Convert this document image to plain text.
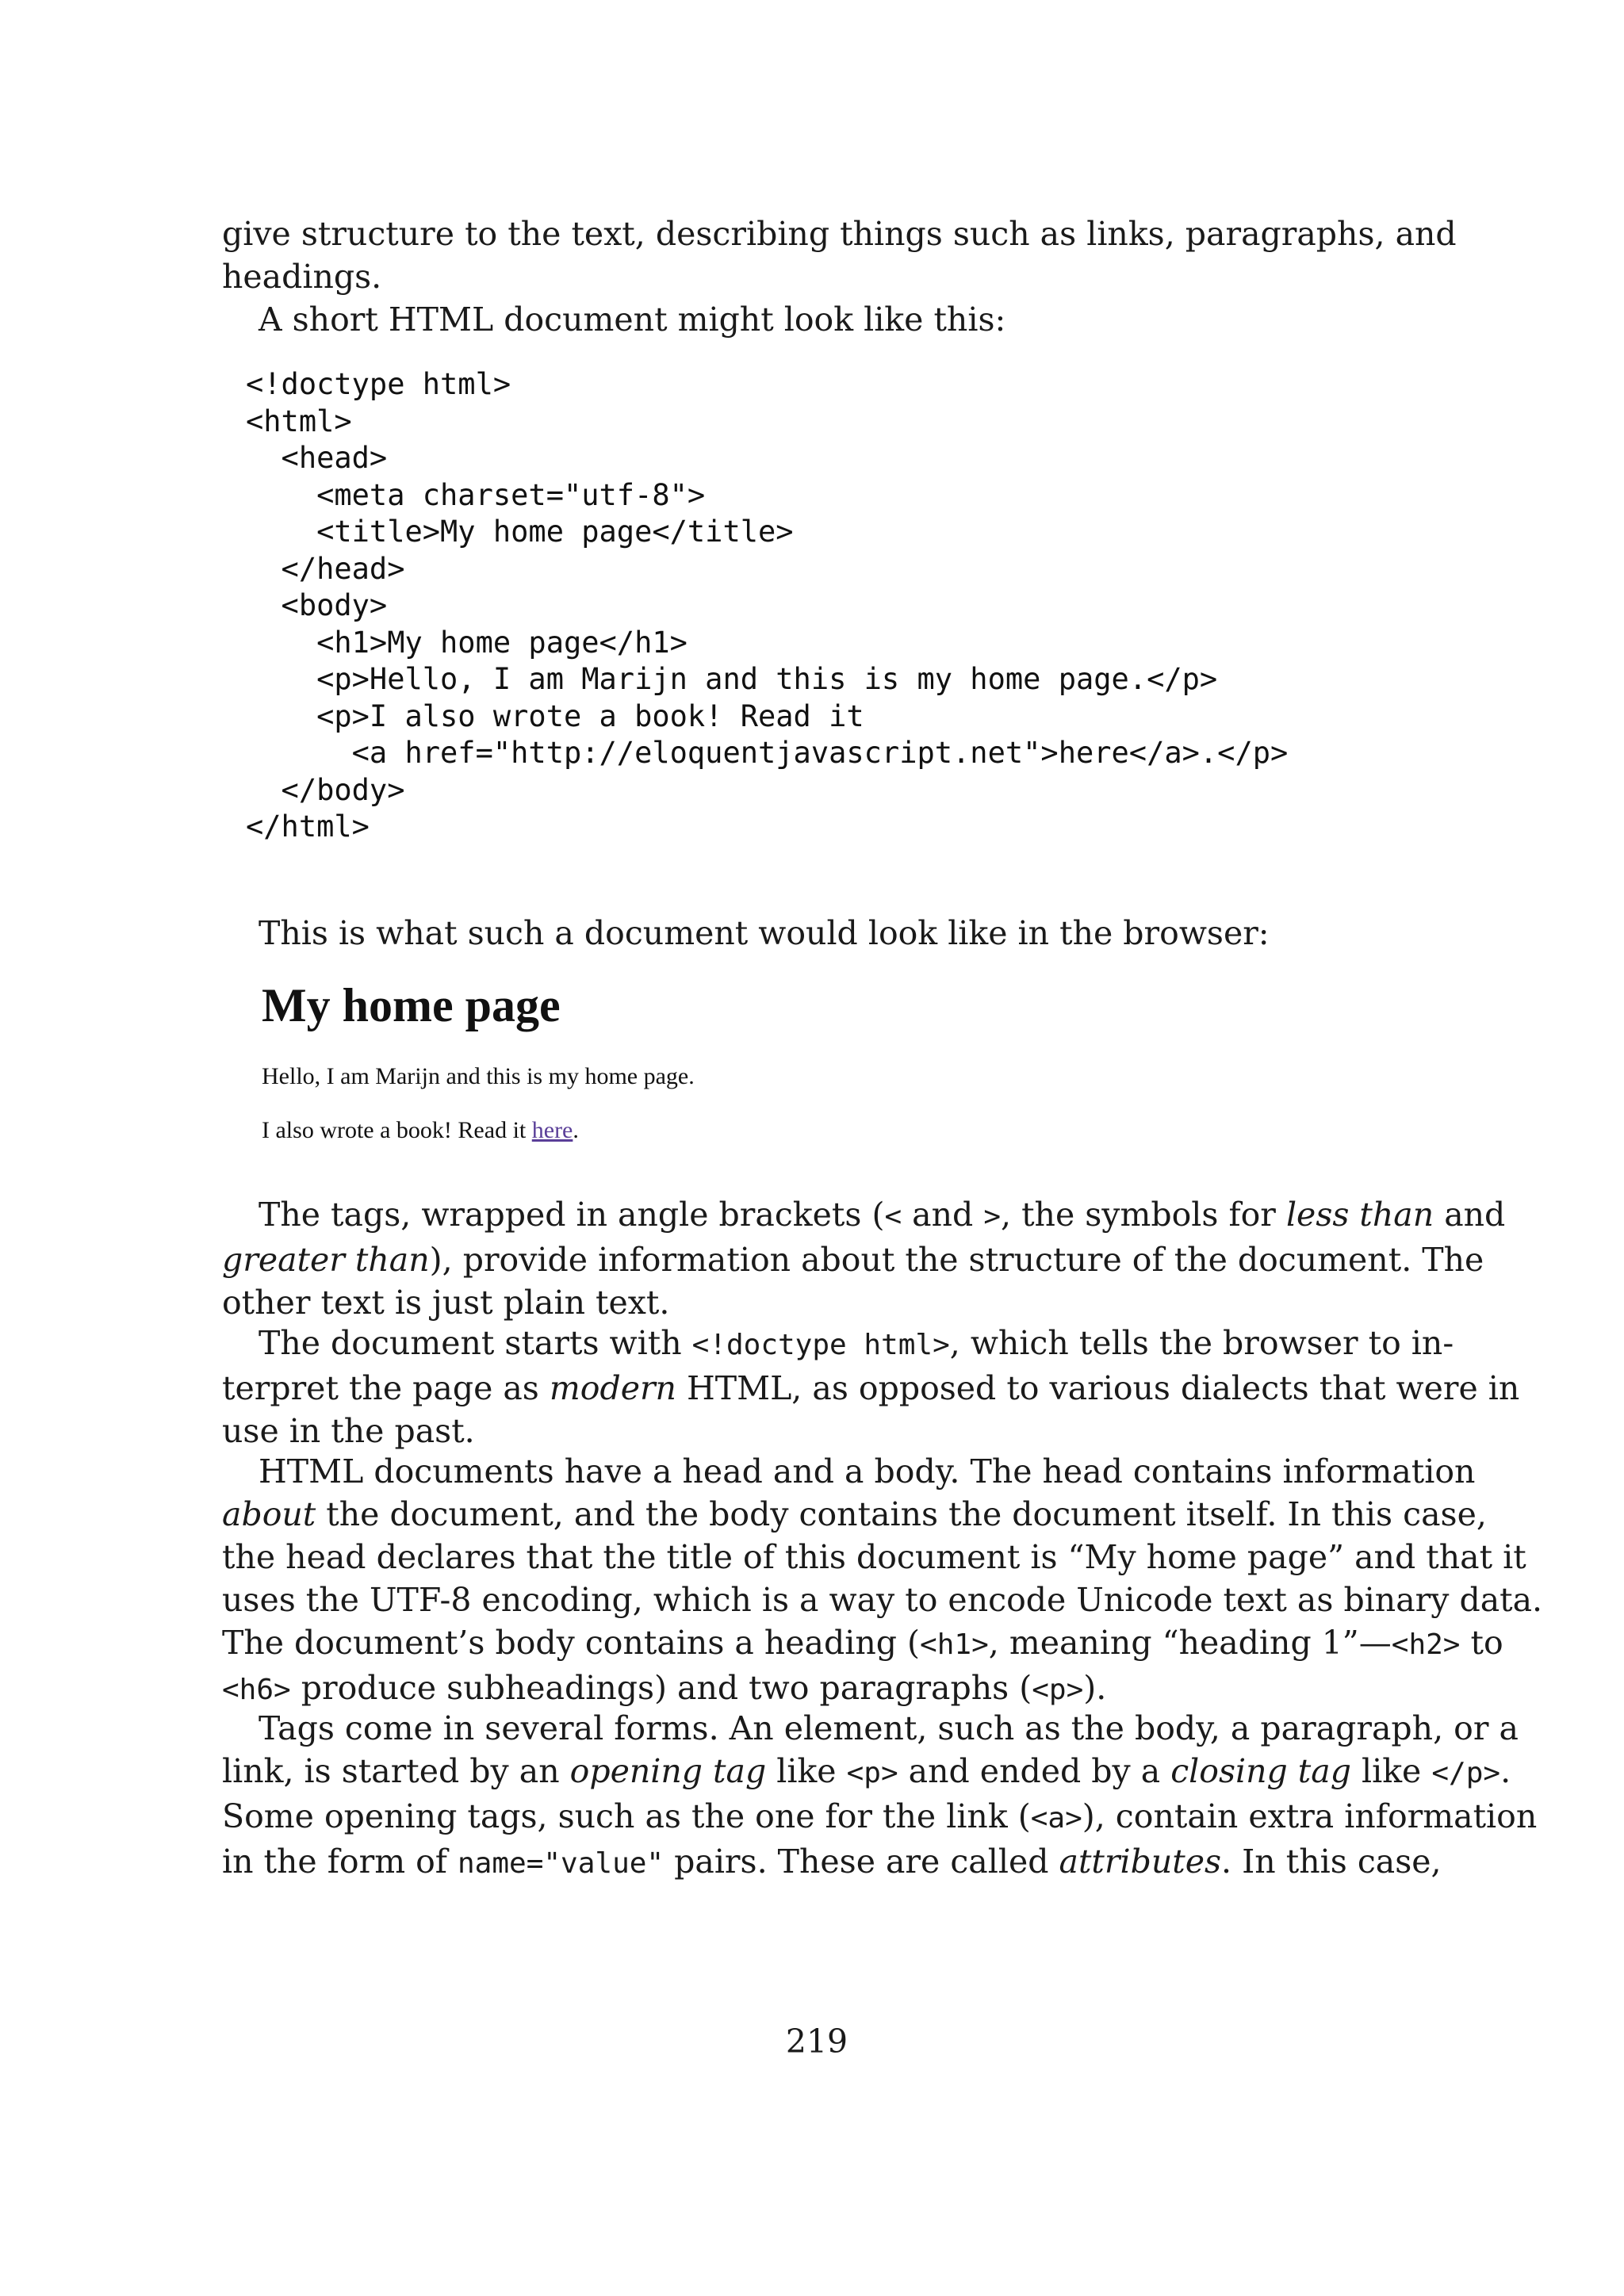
give structure to the text, describing things such as links, paragraphs, and
headings.
A short HTML document might look like this:
<!doctype html>
<html>
<head>
<meta charset="utf-8">
<title>My home page</title>
</head>
<body>
<h1>My home page</h1>
<p>Hello, I am Marijn and this is my home page.</p>
<p>I also wrote a book! Read it
<a href="http://eloquentjavascript.net">here</a>.</p>
</body>
</html>
This is what such a document would look like in the browser:
My home page
Hello, I am Marijn and this is my home page.
I also wrote a book! Read it here.
The tags, wrapped in angle brackets (< and >, the symbols for less than and
greater than), provide information about the structure of the document. The
other text is just plain text.
The document starts with <!doctype html>, which tells the browser to in-
terpret the page as modern HTML, as opposed to various dialects that were in
use in the past.
HTML documents have a head and a body. The head contains information
about the document, and the body contains the document itself. In this case,
the head declares that the title of this document is “My home page” and that it
uses the UTF-8 encoding, which is a way to encode Unicode text as binary data.
The document’s body contains a heading (<h1>, meaning “heading 1”—<h2> to
<h6> produce subheadings) and two paragraphs (<p>).
Tags come in several forms. An element, such as the body, a paragraph, or a
link, is started by an opening tag like <p> and ended by a closing tag like </p>.
Some opening tags, such as the one for the link (<a>), contain extra information
in the form of name="value" pairs. These are called attributes. In this case,
219
